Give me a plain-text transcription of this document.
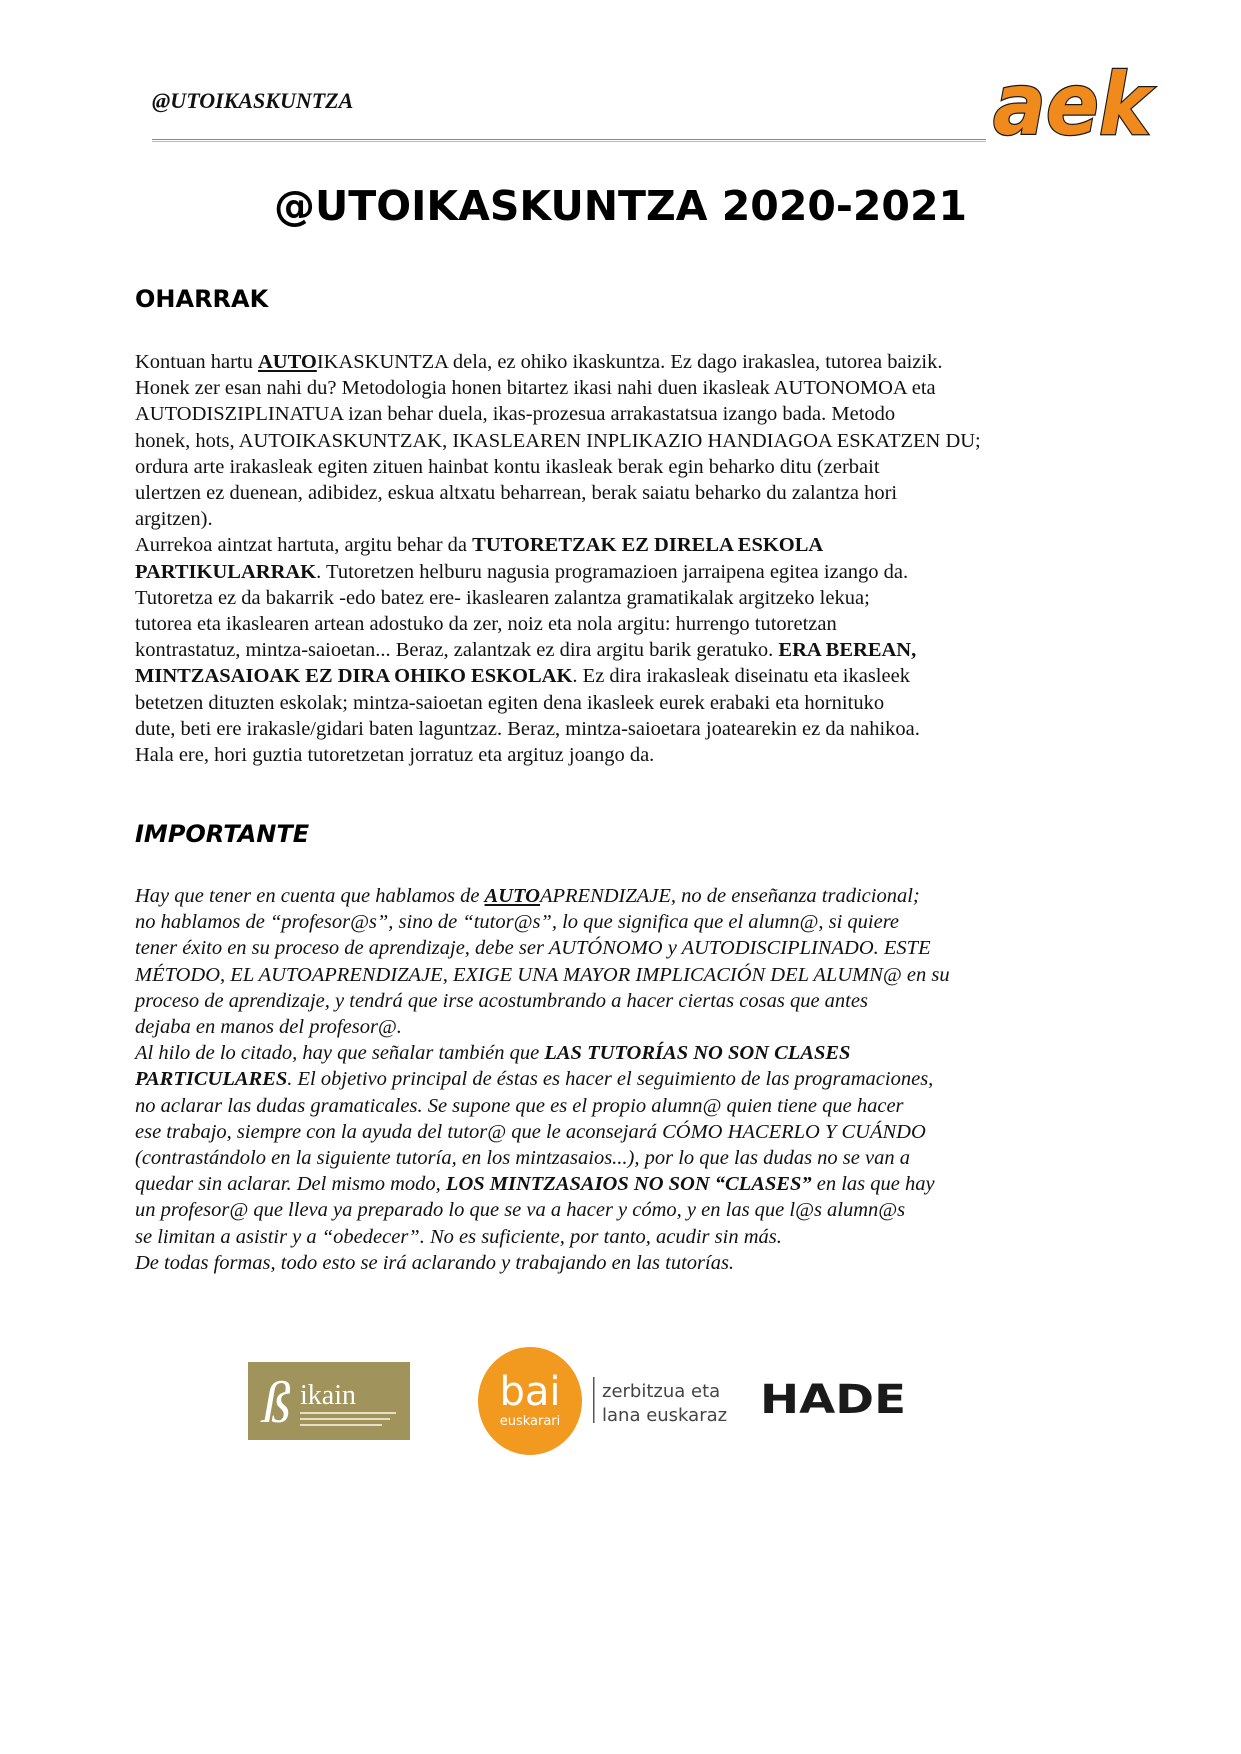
@UTOIKASKUNTZA	aek
@UTOIKASKUNTZA 2020-2021
OHARRAK
Kontuan hartu AUTOIKASKUNTZA dela, ez ohiko ikaskuntza. Ez dago irakaslea, tutorea baizik.
Honek zer esan nahi du? Metodologia honen bitartez ikasi nahi duen ikasleak AUTONOMOA eta
AUTODISZIPLINATUA izan behar duela, ikas-prozesua arrakastatsua izango bada. Metodo
honek, hots, AUTOIKASKUNTZAK, IKASLEAREN INPLIKAZIO HANDIAGOA ESKATZEN DU;
ordura arte irakasleak egiten zituen hainbat kontu ikasleak berak egin beharko ditu (zerbait
ulertzen ez duenean, adibidez, eskua altxatu beharrean, berak saiatu beharko du zalantza hori
argitzen).
Aurrekoa aintzat hartuta, argitu behar da TUTORETZAK EZ DIRELA ESKOLA
PARTIKULARRAK. Tutoretzen helburu nagusia programazioen jarraipena egitea izango da.
Tutoretza ez da bakarrik -edo batez ere- ikaslearen zalantza gramatikalak argitzeko lekua;
tutorea eta ikaslearen artean adostuko da zer, noiz eta nola argitu: hurrengo tutoretzan
kontrastatuz, mintza-saioetan... Beraz, zalantzak ez dira argitu barik geratuko. ERA BEREAN,
MINTZASAIOAK EZ DIRA OHIKO ESKOLAK. Ez dira irakasleak diseinatu eta ikasleek
betetzen dituzten eskolak; mintza-saioetan egiten dena ikasleek eurek erabaki eta hornituko
dute, beti ere irakasle/gidari baten laguntzaz. Beraz, mintza-saioetara joatearekin ez da nahikoa.
Hala ere, hori guztia tutoretzetan jorratuz eta argituz joango da.
IMPORTANTE
Hay que tener en cuenta que hablamos de AUTOAPRENDIZAJE, no de enseñanza tradicional;
no hablamos de “profesor@s”, sino de “tutor@s”, lo que significa que el alumn@, si quiere
tener éxito en su proceso de aprendizaje, debe ser AUTÓNOMO y AUTODISCIPLINADO. ESTE
MÉTODO, EL AUTOAPRENDIZAJE, EXIGE UNA MAYOR IMPLICACIÓN DEL ALUMN@ en su
proceso de aprendizaje, y tendrá que irse acostumbrando a hacer ciertas cosas que antes
dejaba en manos del profesor@.
Al hilo de lo citado, hay que señalar también que LAS TUTORÍAS NO SON CLASES
PARTICULARES. El objetivo principal de éstas es hacer el seguimiento de las programaciones,
no aclarar las dudas gramaticales. Se supone que es el propio alumn@ quien tiene que hacer
ese trabajo, siempre con la ayuda del tutor@ que le aconsejará CÓMO HACERLO Y CUÁNDO
(contrastándolo en la siguiente tutoría, en los mintzasaios...), por lo que las dudas no se van a
quedar sin aclarar. Del mismo modo, LOS MINTZASAIOS NO SON “CLASES” en las que hay
un profesor@ que lleva ya preparado lo que se va a hacer y cómo, y en las que l@s alumn@s
se limitan a asistir y a “obedecer”. No es suficiente, por tanto, acudir sin más.
De todas formas, todo esto se irá aclarando y trabajando en las tutorías.
ß ikain	bai
euskarari
zerbitzua eta
lana euskaraz HADE
